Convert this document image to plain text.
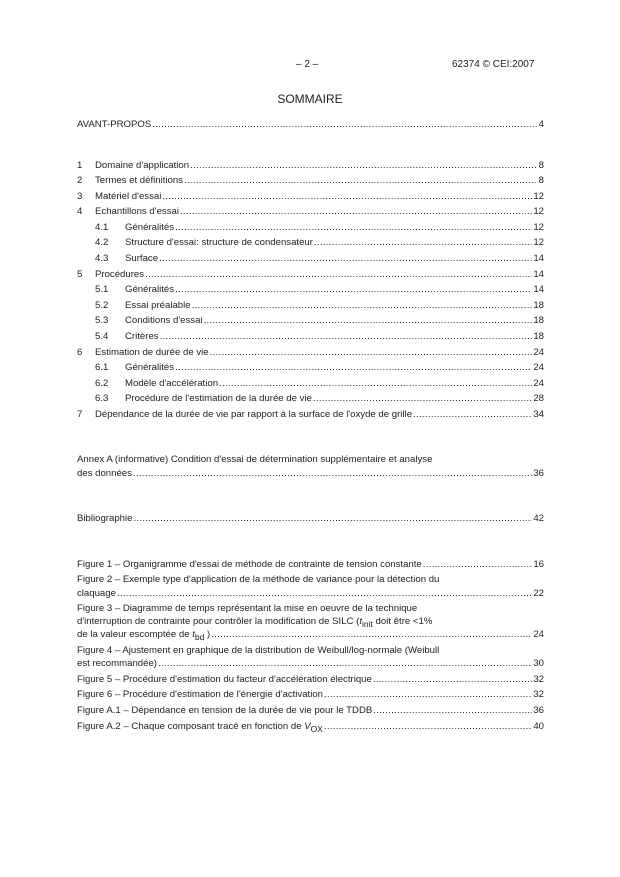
– 2 –	62374 © CEI:2007
SOMMAIRE
AVANT-PROPOS .....	4
1	Domaine d'application .....	8
2	Termes et définitions .....	8
3	Matériel d'essai .....	12
4	Echantillons d'essai .....	12
4.1	Généralités .....	12
4.2	Structure d'essai: structure de condensateur .....	12
4.3	Surface .....	14
5	Procédures .....	14
5.1	Généralités .....	14
5.2	Essai préalable .....	18
5.3	Conditions d'essai .....	18
5.4	Critères .....	18
6	Estimation de durée de vie .....	24
6.1	Généralités .....	24
6.2	Modèle d'accélération .....	24
6.3	Procédure de l'estimation de la durée de vie .....	28
7	Dépendance de la durée de vie par rapport à la surface de l'oxyde de grille .....	34
Annex A (informative) Condition d'essai de détermination supplémentaire et analyse
des données .....	36
Bibliographie .....	42
Figure 1 – Organigramme d'essai de méthode de contrainte de tension constante .....	16
Figure 2 – Exemple type d'application de la méthode de variance pour la détection du
claquage .....	22
Figure 3 – Diagramme de temps représentant la mise en oeuvre de la technique
d'interruption de contrainte pour contrôler la modification de SILC ($t_{init}$ doit être <1%
de la valeur escomptée de $t_{bd}$ ) .....	24
Figure 4 – Ajustement en graphique de la distribution de Weibull/log-normale (Weibull
est recommandée) .....	30
Figure 5 – Procédure d'estimation du facteur d'accélération électrique .....	32
Figure 6 – Procédure d'estimation de l'énergie d'activation .....	32
Figure A.1 – Dépendance en tension de la durée de vie pour le TDDB .....	36
Figure A.2 – Chaque composant tracé en fonction de $V_{OX}$ .....	40
